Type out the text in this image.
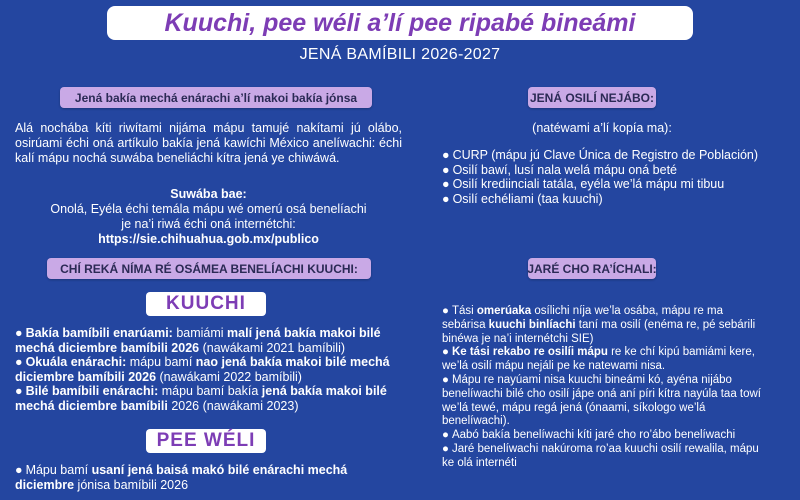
Kuuchi, pee wéli a’lí pee ripabé bineámi
JENÁ BAMÍBILI 2026-2027
Jená bakía mechá enárachi a’lí makoi bakía jónsa
Alá nochába kíti riwítami nijáma mápu tamujé nakítami jú olábo, osirúami échi oná artíkulo bakía jená kawíchi México anelíwachi: échi kalí mápu nochá suwába beneliáchi kítra jená ye chiwáwá.
Suwába bae:
Onolá, Eyéla échi temála mápu wé omerú osá benelíachi
je na’i riwá échi oná internétchi:
https://sie.chihuahua.gob.mx/publico
CHÍ REKÁ NÍMA RÉ OSÁMEA BENELÍACHI KUUCHI:
KUUCHI
● Bakía bamíbili enarúami: bamiámi malí jená bakía makoi bilé mechá diciembre bamíbili 2026 (nawákami 2021 bamíbili)
● Okuála enárachi: mápu bamí nao jená bakía makoi bilé mechá diciembre bamíbili 2026 (nawákami 2022 bamíbili)
● Bilé bamíbili enárachi: mápu bamí bakía jená bakía makoi bilé mechá diciembre bamíbili 2026 (nawákami 2023)
PEE WÉLI
● Mápu bamí usaní jená baisá makó bilé enárachi mechá diciembre jónisa bamíbili 2026
JENÁ OSILÍ NEJÁBO:
(natéwami a’lí kopía ma):
● CURP (mápu jú Clave Única de Registro de Población)
● Osilí bawí, lusí nala welá mápu oná beté
● Osilí krediinciali tatála, eyéla we’lá mápu mi tibuu
● Osilí echéliami (taa kuuchi)
JARÉ CHO RA’ÍCHALI:
● Tási omerúaka osílichi níja we’la osába, mápu re ma sebárisa kuuchi binlíachi taní ma osilí (enéma re, pé sebárili binéwa je na’i internétchi SIE)
● Ke tási rekabo re osilíi mápu re ke chí kipú bamiámi kere, we’lá osilí mápu nejáli pe ke natewami nisa.
● Mápu re nayúami nisa kuuchi bineámi kó, ayéna nijábo benelíwachi bilé cho osilí jápe oná aní píri kítra nayúla taa towí we’lá tewé, mápu regá jená (ónaami, síkologo we’lá benelíwachi).
● Aabó bakía benelíwachi kíti jaré cho ro’ábo benelíwachi
● Jaré benelíwachi nakúroma ro’aa kuuchi osilí rewalila, mápu ke olá internéti
